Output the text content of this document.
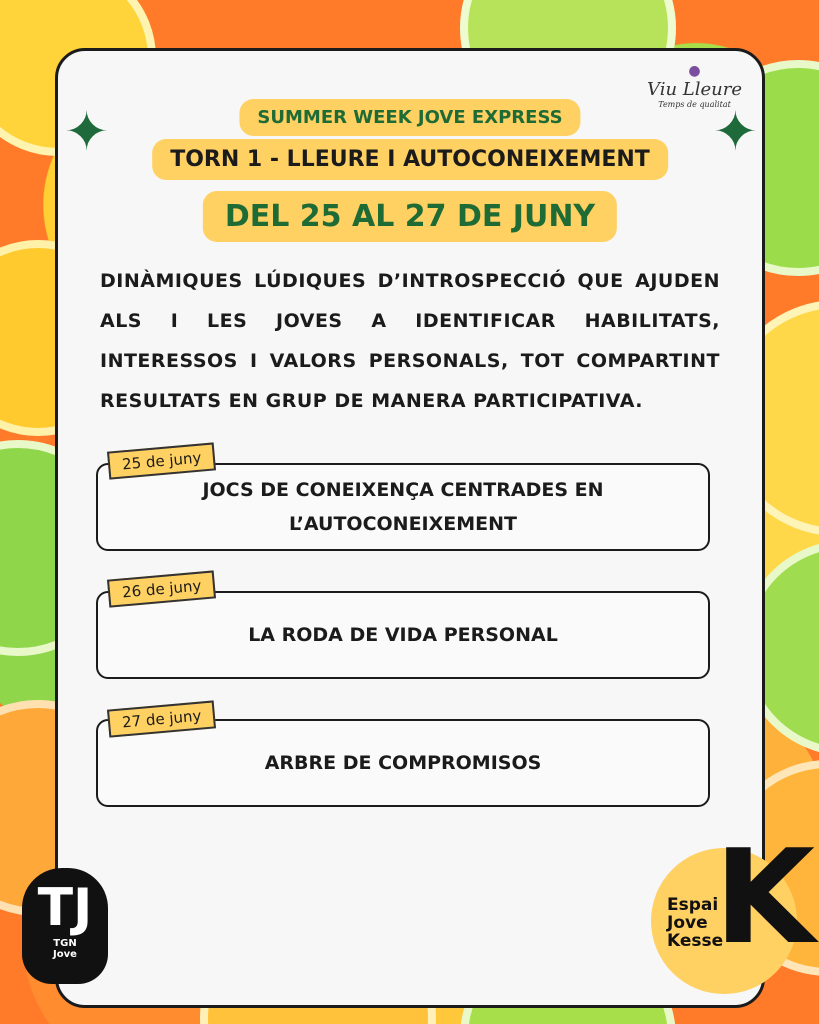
✦	✦
●
Viu Lleure
Temps de qualitat
SUMMER WEEK JOVE EXPRESS
TORN 1 - LLEURE I AUTOCONEIXEMENT
DEL 25 AL 27 DE JUNY
DINÀMIQUES LÚDIQUES D’INTROSPECCIÓ QUE AJUDEN ALS I LES JOVES A IDENTIFICAR HABILITATS, INTERESSOS I VALORS PERSONALS, TOT COMPARTINT RESULTATS EN GRUP DE MANERA PARTICIPATIVA.
JOCS DE CONEIXENÇA CENTRADES EN L’AUTOCONEIXEMENT
25 de juny
LA RODA DE VIDA PERSONAL
26 de juny
ARBRE DE COMPROMISOS
27 de juny
TJ
TGN
Jove	K
Espai
Jove
Kesse
